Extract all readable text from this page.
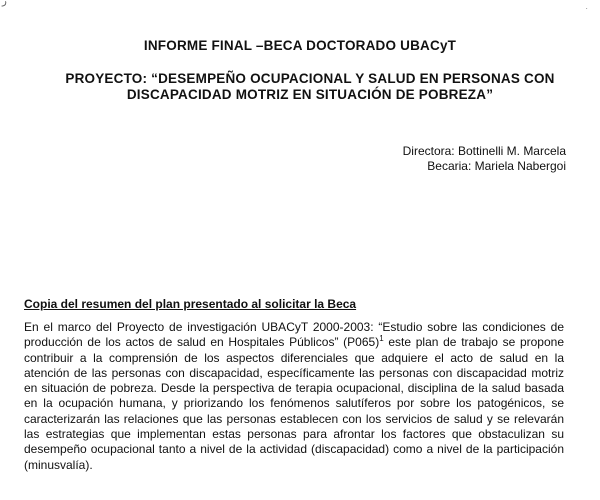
ر
·
INFORME FINAL –BECA DOCTORADO UBACyT
PROYECTO: “DESEMPEÑO OCUPACIONAL Y SALUD EN PERSONAS CON
DISCAPACIDAD MOTRIZ EN SITUACIÓN DE POBREZA”
Directora: Bottinelli M. Marcela
Becaria: Mariela Nabergoi
Copia del resumen del plan presentado al solicitar la Beca
En el marco del Proyecto de investigación UBACyT 2000-2003: “Estudio sobre las condiciones de producción de los actos de salud en Hospitales Públicos” $(P065)^1$ este plan de trabajo se propone contribuir a la comprensión de los aspectos diferenciales que adquiere el acto de salud en la atención de las personas con discapacidad, específicamente las personas con discapacidad motriz en situación de pobreza. Desde la perspectiva de terapia ocupacional, disciplina de la salud basada en la ocupación humana, y priorizando los fenómenos salutíferos por sobre los patogénicos, se caracterizarán las relaciones que las personas establecen con los servicios de salud y se relevarán las estrategias que implementan estas personas para afrontar los factores que obstaculizan su desempeño ocupacional tanto a nivel de la actividad (discapacidad) como a nivel de la participación (minusvalía).
